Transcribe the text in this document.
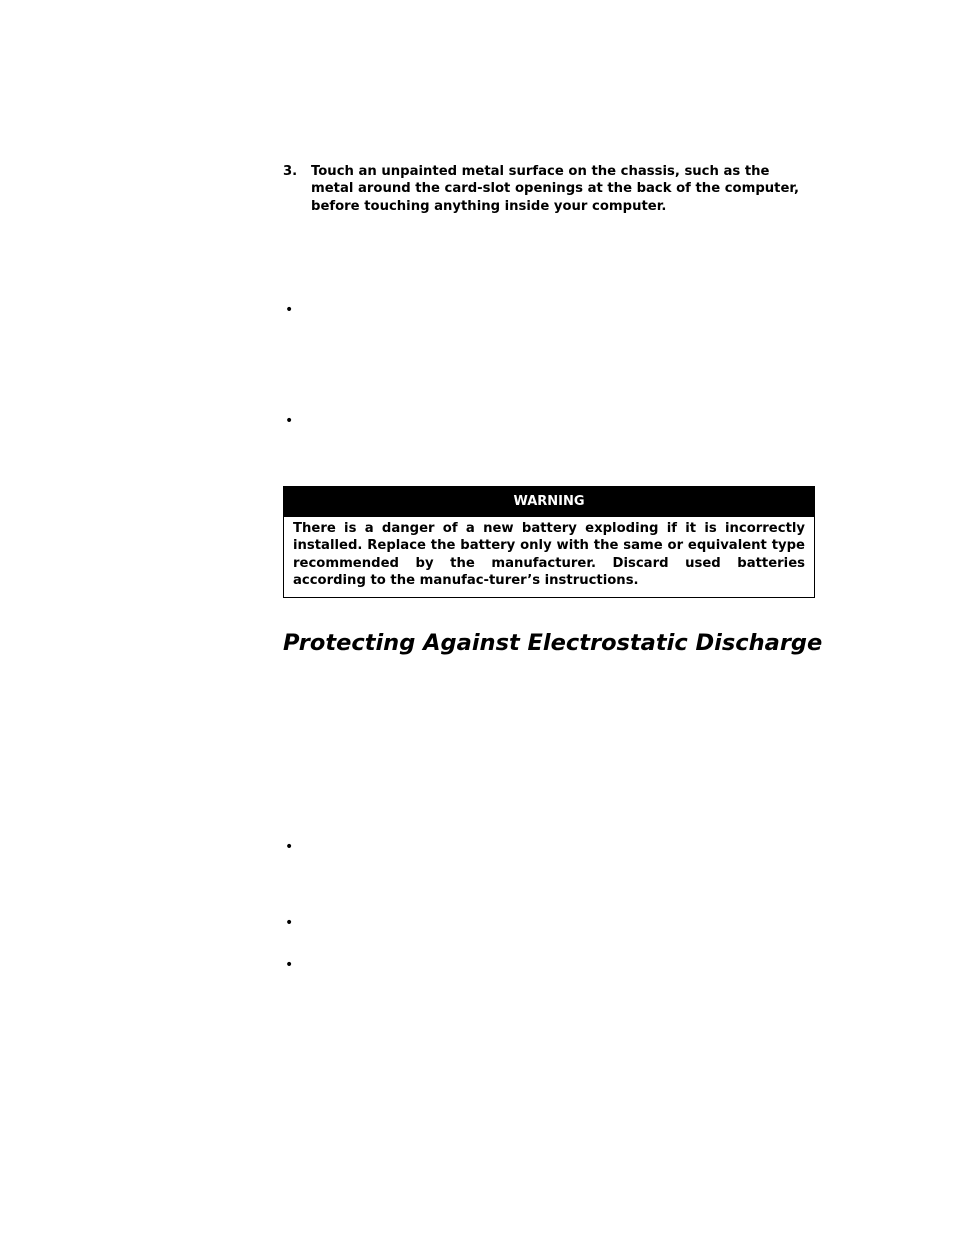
3. Touch an unpainted metal surface on the chassis, such as the metal around the card-slot openings at the back of the computer, before touching anything inside your computer.
•
•
WARNING
There is a danger of a new battery exploding if it is incorrectly installed. Replace the battery only with the same or equivalent type recommended by the manufacturer. Discard used batteries according to the manufac-turer’s instructions.
Protecting Against Electrostatic Discharge
•
•
•
